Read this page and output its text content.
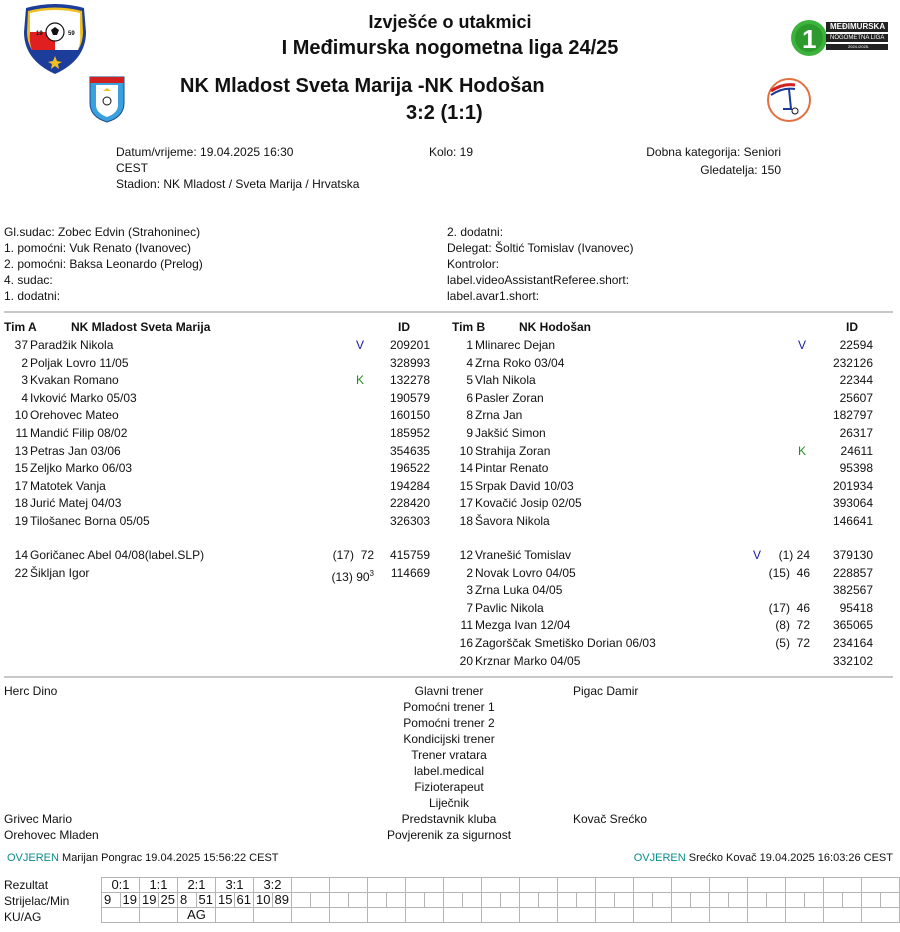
19	59	1 MEĐIMURSKA
NOGOMETNA LIGA
2024./2025.
Izvješće o utakmici
I Međimurska nogometna liga 24/25
NK Mladost Sveta Marija -NK Hodošan
3:2 (1:1)
Datum/vrijeme: 19.04.2025 16:30
CEST
Stadion: NK Mladost / Sveta Marija / Hrvatska
Kolo: 19	Dobna kategorija: Seniori
Gledatelja: 150
Gl.sudac: Zobec Edvin (Strahoninec)
1. pomoćni: Vuk Renato (Ivanovec)
2. pomoćni: Baksa Leonardo (Prelog)
4. sudac:
1. dodatni:
2. dodatni:
Delegat: Šoltić Tomislav (Ivanovec)
Kontrolor:
label.videoAssistantReferee.short:
label.avar1.short:
Tim A	NK Mladost Sveta Marija	ID
37 Paradžik Nikola	V	209201
2 Poljak Lovro 11/05	328993
3 Kvakan Romano	K	132278
4 Ivković Marko 05/03	190579
10 Orehovec Mateo	160150
11 Mandić Filip 08/02	185952
13 Petras Jan 03/06	354635
15 Zeljko Marko 06/03	196522
17 Matotek Vanja	194284
18 Jurić Matej 04/03	228420
19 Tilošanec Borna 05/05	326303
14 Goričanec Abel 04/08(label.SLP)	(17)  72	415759
22 Šikljan Igor	(13) $90^3$	114669
Tim B	NK Hodošan	ID
1 Mlinarec Dejan	V	22594
4 Zrna Roko 03/04	232126
5 Vlah Nikola	22344
6 Pasler Zoran	25607
8 Zrna Jan	182797
9 Jakšić Simon	26317
10 Strahija Zoran	K	24611
14 Pintar Renato	95398
15 Srpak David 10/03	201934
17 Kovačić Josip 02/05	393064
18 Šavora Nikola	146641
12 Vranešić Tomislav	V	(1) 24	379130
2 Novak Lovro 04/05	(15)  46	228857
3 Zrna Luka 04/05	382567
7 Pavlic Nikola	(17)  46	95418
11 Mezga Ivan 12/04	(8)  72	365065
16 Zagorščak Smetiško Dorian 06/03	(5)  72	234164
20 Krznar Marko 04/05	332102
Herc Dino	Glavni trener	Pigac Damir
Pomoćni trener 1
Pomoćni trener 2
Kondicijski trener
Trener vratara
label.medical
Fizioterapeut
Liječnik
Grivec Mario	Predstavnik kluba	Kovač Srećko
Orehovec Mladen	Povjerenik za sigurnost
OVJEREN Marijan Pongrac 19.04.2025 15:56:22 CEST	OVJEREN Srećko Kovač 19.04.2025 16:03:26 CEST
Rezultat
Strijelac/Min
KU/AG
0:1		1:1		2:1		3:1		3:2																																	
9	19	19	25	8	51	15	61	10	89																																
				AG																																					
